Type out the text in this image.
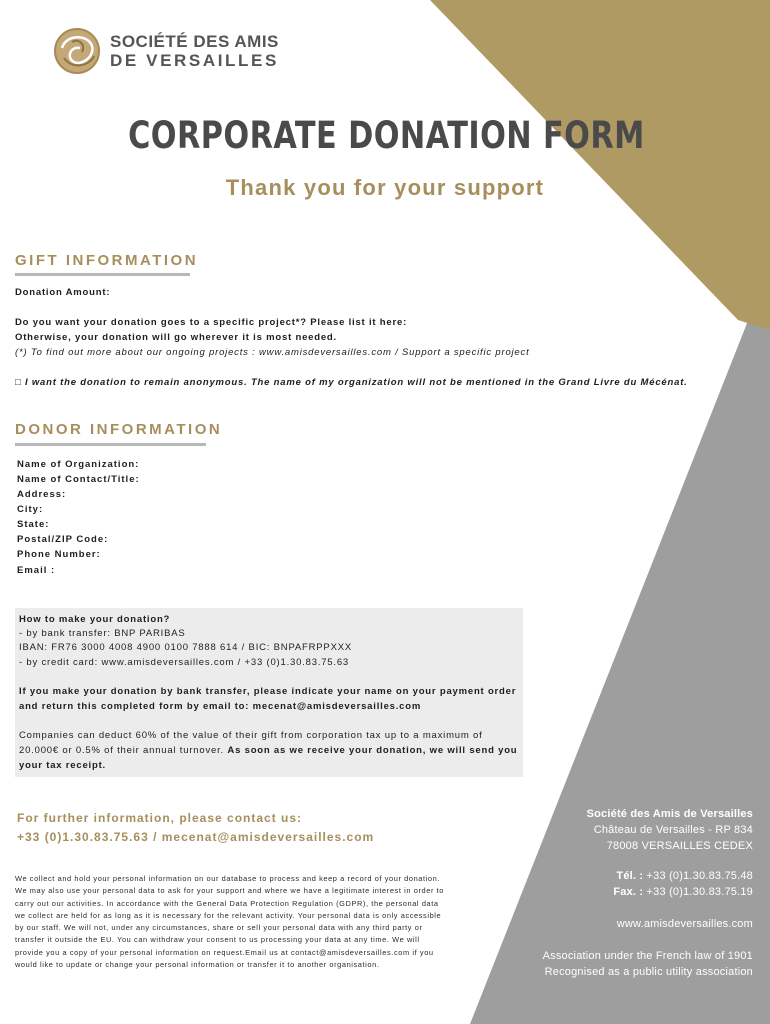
SOCIÉTÉ DES AMIS
DE VERSAILLES
CORPORATE DONATION FORM
Thank you for your support
GIFT INFORMATION
Donation Amount:
Do you want your donation goes to a specific project*? Please list it here:
Otherwise, your donation will go wherever it is most needed.
(*) To find out more about our ongoing projects : www.amisdeversailles.com / Support a specific project
□ I want the donation to remain anonymous. The name of my organization will not be mentioned in the Grand Livre du Mécénat.
DONOR INFORMATION
Name of Organization:
Name of Contact/Title:
Address:
City:
State:
Postal/ZIP Code:
Phone Number:
Email :
How to make your donation?
- by bank transfer: BNP PARIBAS
IBAN: FR76 3000 4008 4900 0100 7888 614 / BIC: BNPAFRPPXXX
- by credit card: www.amisdeversailles.com / +33 (0)1.30.83.75.63
If you make your donation by bank transfer, please indicate your name on your payment order
and return this completed form by email to: mecenat@amisdeversailles.com
Companies can deduct 60% of the value of their gift from corporation tax up to a maximum of
20.000€ or 0.5% of their annual turnover. As soon as we receive your donation, we will send you
your tax receipt.
For further information, please contact us:
+33 (0)1.30.83.75.63 / mecenat@amisdeversailles.com
We collect and hold your personal information on our database to process and keep a record of your donation. We may also use your personal data to ask for your support and where we have a legitimate interest in order to carry out our activities. In accordance with the General Data Protection Regulation (GDPR), the personal data we collect are held for as long as it is necessary for the relevant activity. Your personal data is only accessible by our staff. We will not, under any circumstances, share or sell your personal data with any third party or transfer it outside the EU. You can withdraw your consent to us processing your data at any time. We will provide you a copy of your personal information on request.Email us at contact@amisdeversailles.com if you would like to update or change your personal information or transfer it to another organisation.
Société des Amis de Versailles
Château de Versailles - RP 834
78008 VERSAILLES CEDEX
Tél. : +33 (0)1.30.83.75.48
Fax. : +33 (0)1.30.83.75.19
www.amisdeversailles.com
Association under the French law of 1901
Recognised as a public utility association
